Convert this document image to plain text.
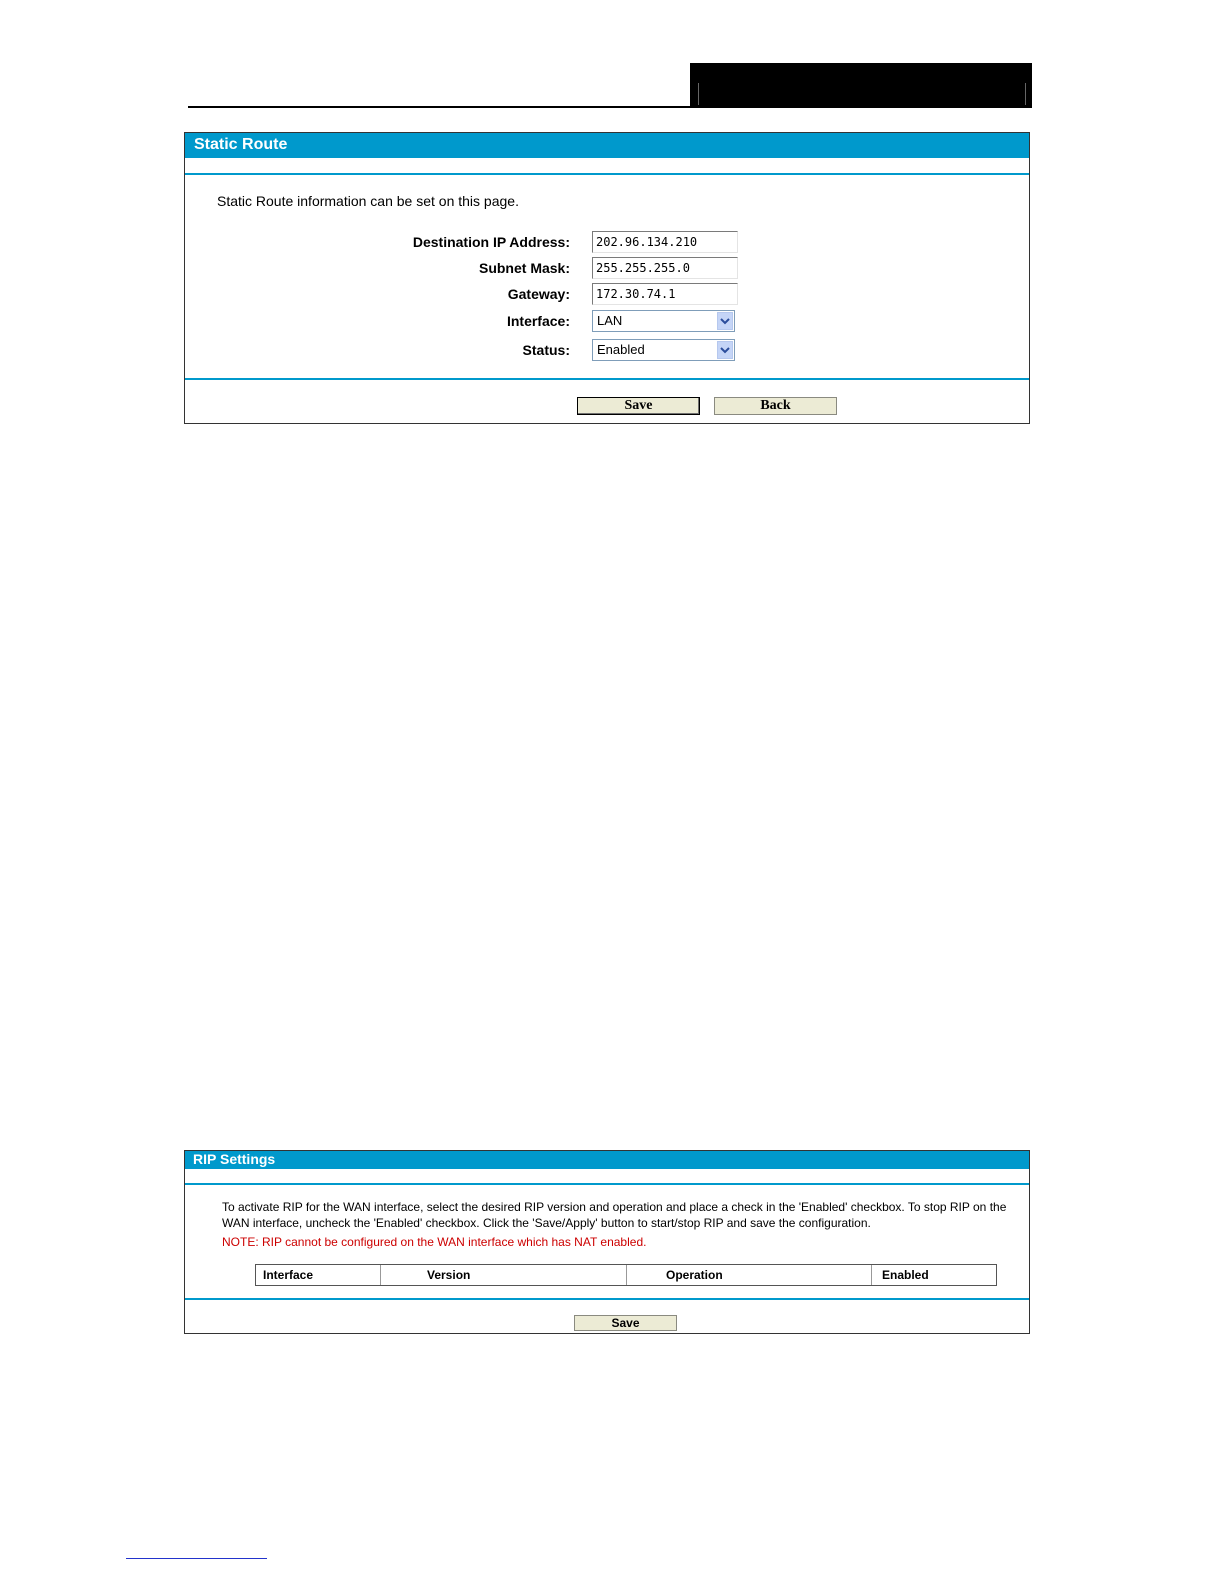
Static Route
Static Route information can be set on this page.
Destination IP Address:	202.96.134.210
Subnet Mask:	255.255.255.0
Gateway:	172.30.74.1
Interface:	LAN
Status:	Enabled
Save	Back
RIP Settings
To activate RIP for the WAN interface, select the desired RIP version and operation and place a check in the 'Enabled' checkbox. To stop RIP on the WAN interface, uncheck the 'Enabled' checkbox. Click the 'Save/Apply' button to start/stop RIP and save the configuration.
NOTE: RIP cannot be configured on the WAN interface which has NAT enabled.
Interface	Version	Operation	Enabled
Save
